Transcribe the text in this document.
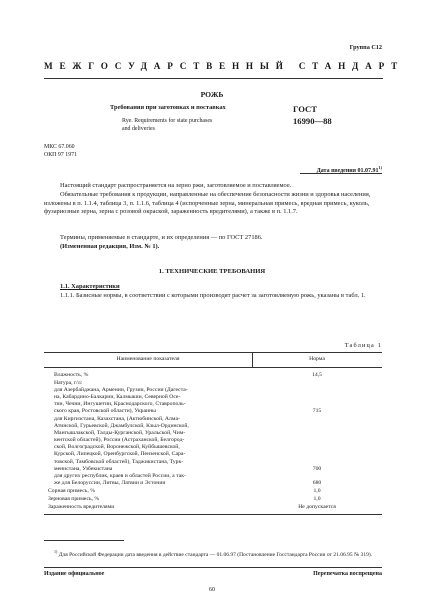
Группа С12
МЕЖГОСУДАРСТВЕННЫЙ СТАНДАРТ
РОЖЬ
Требования при заготовках и поставках
Rye. Requirements for state purchases
and deliveries
ГОСТ
16990—88
МКС 67.060
ОКП 97 1971
Дата введения 01.07.91$^{1)}$

Настоящий стандарт распространяется на зерно ржи, заготовляемое и поставляемое.

Обязательные требования к продукции, направленные на обеспечение безопасности жизни и здоровья населения, изложены в п. 1.1.4, таблица 3, п. 1.1.6, таблица 4 (испорченные зерна, минеральная примесь, вредная примесь, куколь, фузариозные зерна, зерна с розовой окраской, зараженность вредителями), а также в п. 1.1.7.

Термины, применяемые в стандарте, и их определения — по ГОСТ 27186.

(Измененная редакция, Изм. № 1).

1. ТЕХНИЧЕСКИЕ ТРЕБОВАНИЯ

1.1. Характеристики

1.1.1. Базисные нормы, в соответствии с которыми производят расчет за заготовляемую рожь, указаны в табл. 1.

Таблица 1
Наименование показателя	Норма
Влажность, %	14,5
Натура, г/л:
для Азербайджана, Армении, Грузии, России (Дагеста-
на, Кабардино-Балкарии, Калмыкии, Северной Осе-
тии, Чечни, Ингушетии, Краснодарского, Ставрополь-
ского края, Ростовской области), Украины	715
для Киргизстана, Казахстана, (Актюбинской, Алма-
Атинской, Гурьевской, Джамбулской, Кзыл-Ординской,
Мангышлакской, Талды-Курганской, Уральской, Чим-
кентской областей), России (Астраханской, Белгород-
ской, Волгоградской, Воронежской, Куйбышевской,
Курской, Липецкой, Оренбургской, Пензенской, Сара-
товской, Тамбовской областей), Таджикистана, Турк-
менистана, Узбекистана	700
для других республик, краев и областей России, а так-
же для Белоруссии, Литвы, Латвии и Эстонии	680
Сорная примесь, %	1,0
Зерновая примесь, %	1,0
Зараженность вредителями	Не допускается

$^{1)}$ Для Российской Федерации дата введения в действие стандарта — 01.06.97 (Постановление Госстандарта России от 21.06.95 № 319).

Издание официальное	Перепечатка воспрещена
60
